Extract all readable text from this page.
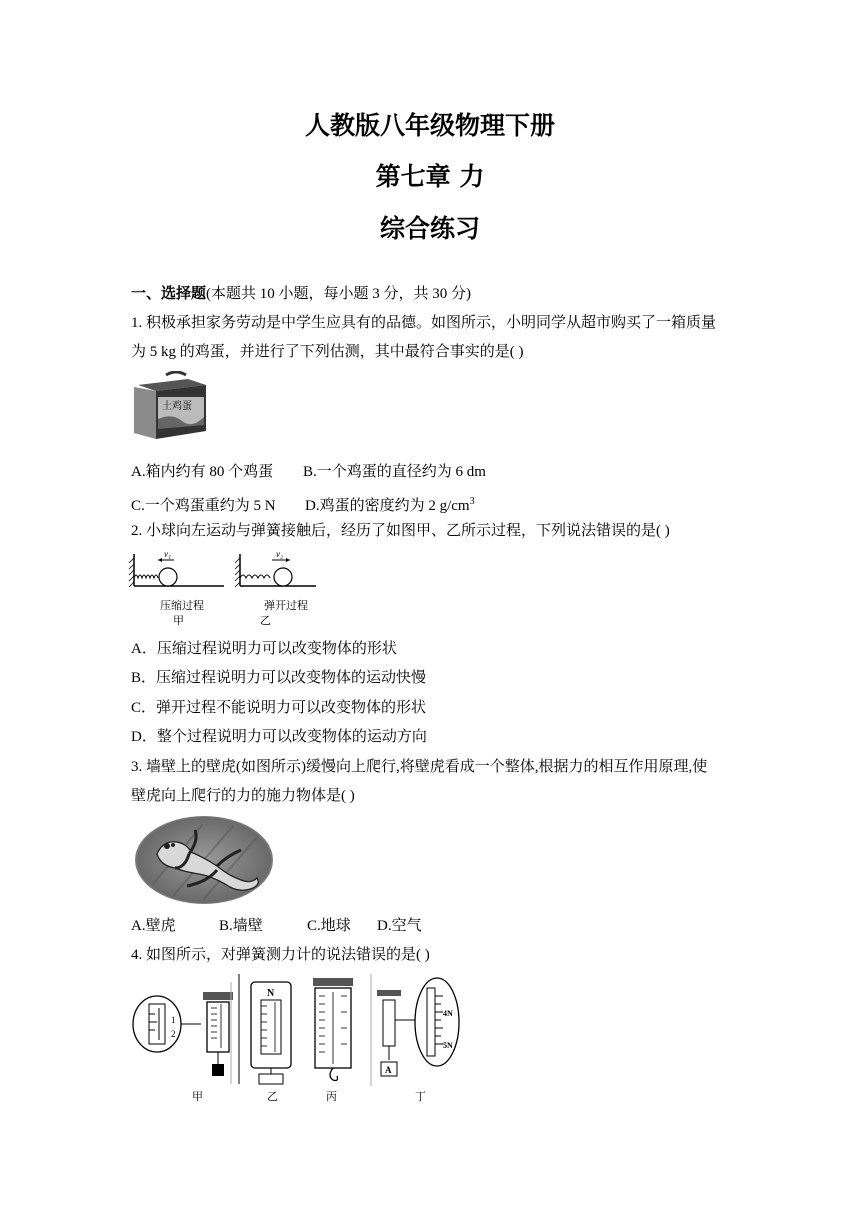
人教版八年级物理下册
第七章 力
综合练习
一、选择题(本题共 10 小题，每小题 3 分，共 30 分)
1. 积极承担家务劳动是中学生应具有的品德。如图所示，小明同学从超市购买了一箱质量
为 5 kg 的鸡蛋，并进行了下列估测，其中最符合事实的是( )
土鸡蛋
A.箱内约有 80 个鸡蛋 B.一个鸡蛋的直径约为 6 dm
C.一个鸡蛋重约为 5 N D.鸡蛋的密度约为 2 $g/cm^3$
2. 小球向左运动与弹簧接触后，经历了如图甲、乙所示过程，下列说法错误的是( )
v₁	v₂
压缩过程
甲
弹开过程
乙
A．压缩过程说明力可以改变物体的形状
B．压缩过程说明力可以改变物体的运动快慢
C．弹开过程不能说明力可以改变物体的形状
D．整个过程说明力可以改变物体的运动方向
3. 墙壁上的壁虎(如图所示)缓慢向上爬行,将壁虎看成一个整体,根据力的相互作用原理,使
壁虎向上爬行的力的施力物体是( )
A.壁虎	B.墙壁	C.地球 D.空气
4. 如图所示，对弹簧测力计的说法错误的是( )
1
2
N
A
4N
5N
甲	乙	丙	丁
